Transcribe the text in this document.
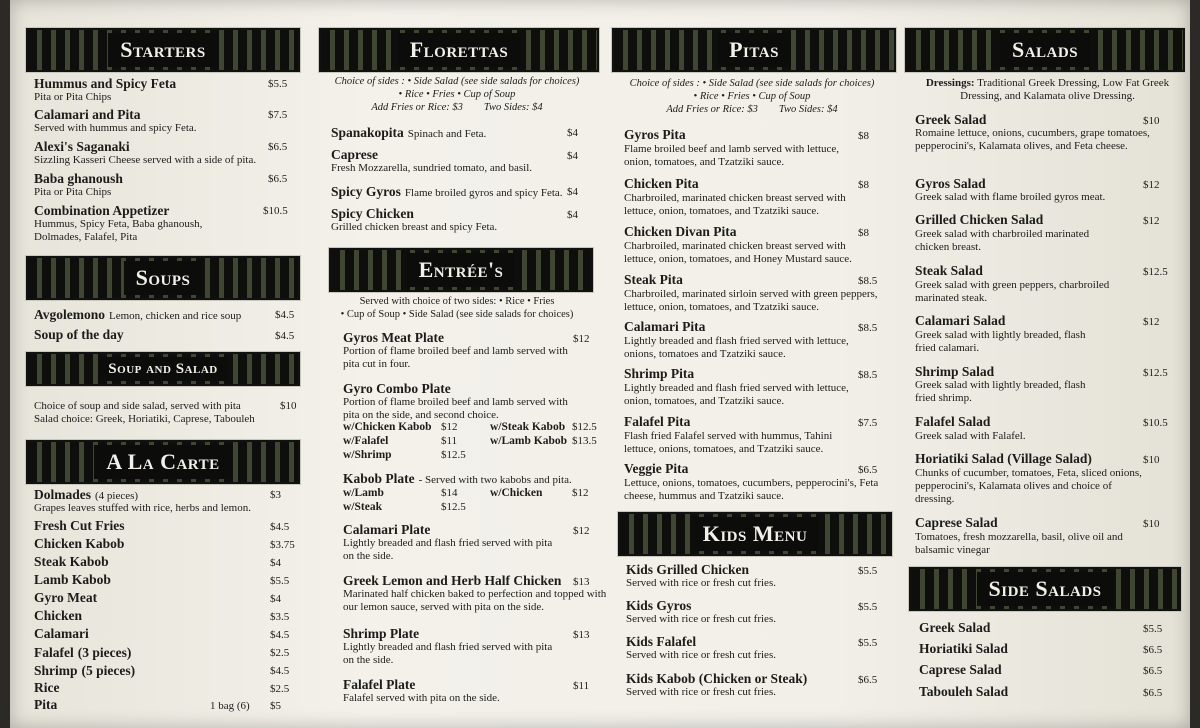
Starters
Hummus and Spicy Feta	$5.5
Pita or Pita Chips
Calamari and Pita	$7.5
Served with hummus and spicy Feta.
Alexi's Saganaki	$6.5
Sizzling Kasseri Cheese served with a side of pita.
Baba ghanoush	$6.5
Pita or Pita Chips
Combination Appetizer	$10.5
Hummus, Spicy Feta, Baba ghanoush, Dolmades, Falafel, Pita
Soups
Avgolemono Lemon, chicken and rice soup	$4.5
Soup of the day	$4.5
Soup and Salad
Choice of soup and side salad, served with pita	$10
Salad choice: Greek, Horiatiki, Caprese, Tabouleh
A La Carte
Dolmades (4 pieces)	$3
Grapes leaves stuffed with rice, herbs and lemon.
Fresh Cut Fries	$4.5
Chicken Kabob	$3.75
Steak Kabob	$4
Lamb Kabob	$5.5
Gyro Meat	$4
Chicken	$3.5
Calamari	$4.5
Falafel (3 pieces)	$2.5
Shrimp (5 pieces)	$4.5
Rice	$2.5
Pita	1 bag (6) $5
Florettas
Choice of sides : • Side Salad (see side salads for choices)
• Rice • Fries • Cup of Soup
Add Fries or Rice: $3        Two Sides: $4
Spanakopita Spinach and Feta.	$4
Caprese	$4
Fresh Mozzarella, sundried tomato, and basil.
Spicy Gyros Flame broiled gyros and spicy Feta. $4
Spicy Chicken	$4
Grilled chicken breast and spicy Feta.
Entrée's
Served with choice of two sides: • Rice • Fries
• Cup of Soup • Side Salad (see side salads for choices)
Gyros Meat Plate	$12
Portion of flame broiled beef and lamb served with pita cut in four.
Gyro Combo Plate
Portion of flame broiled beef and lamb served with pita on the side, and second choice.
w/Chicken Kabob $12	w/Steak Kabob $12.5
w/Falafel	$11	w/Lamb Kabob $13.5
w/Shrimp	$12.5
Kabob Plate - Served with two kabobs and pita.
w/Lamb	$14	w/Chicken	$12
w/Steak	$12.5
Calamari Plate	$12
Lightly breaded and flash fried served with pita on the side.
Greek Lemon and Herb Half Chicken $13
Marinated half chicken baked to perfection and topped with our lemon sauce, served with pita on the side.
Shrimp Plate	$13
Lightly breaded and flash fried served with pita on the side.
Falafel Plate	$11
Falafel served with pita on the side.
Pitas
Choice of sides : • Side Salad (see side salads for choices)
• Rice • Fries • Cup of Soup
Add Fries or Rice: $3        Two Sides: $4
Gyros Pita	$8
Flame broiled beef and lamb served with lettuce, onion, tomatoes, and Tzatziki sauce.
Chicken Pita	$8
Charbroiled, marinated chicken breast served with lettuce, onion, tomatoes, and Tzatziki sauce.
Chicken Divan Pita	$8
Charbroiled, marinated chicken breast served with lettuce, onion, tomatoes, and Honey Mustard sauce.
Steak Pita	$8.5
Charbroiled, marinated sirloin served with green peppers, lettuce, onion, tomatoes, and Tzatziki sauce.
Calamari Pita	$8.5
Lightly breaded and flash fried served with lettuce, onions, tomatoes and Tzatziki sauce.
Shrimp Pita	$8.5
Lightly breaded and flash fried served with lettuce, onion, tomatoes, and Tzatziki sauce.
Falafel Pita	$7.5
Flash fried Falafel served with hummus, Tahini lettuce, onions, tomatoes, and Tzatziki sauce.
Veggie Pita	$6.5
Lettuce, onions, tomatoes, cucumbers, pepperocini's, Feta cheese, hummus and Tzatziki sauce.
Kids Menu
Kids Grilled Chicken	$5.5
Served with rice or fresh cut fries.
Kids Gyros	$5.5
Served with rice or fresh cut fries.
Kids Falafel	$5.5
Served with rice or fresh cut fries.
Kids Kabob (Chicken or Steak)	$6.5
Served with rice or fresh cut fries.
Salads
Dressings: Traditional Greek Dressing, Low Fat Greek Dressing, and Kalamata olive Dressing.
Greek Salad	$10
Romaine lettuce, onions, cucumbers, grape tomatoes, pepperocini's, Kalamata olives, and Feta cheese.
Gyros Salad	$12
Greek salad with flame broiled gyros meat.
Grilled Chicken Salad	$12
Greek salad with charbroiled marinated chicken breast.
Steak Salad	$12.5
Greek salad with green peppers, charbroiled marinated steak.
Calamari Salad	$12
Greek salad with lightly breaded, flash fried calamari.
Shrimp Salad	$12.5
Greek salad with lightly breaded, flash fried shrimp.
Falafel Salad	$10.5
Greek salad with Falafel.
Horiatiki Salad (Village Salad)	$10
Chunks of cucumber, tomatoes, Feta, sliced onions, pepperocini's, Kalamata olives and choice of dressing.
Caprese Salad	$10
Tomatoes, fresh mozzarella, basil, olive oil and balsamic vinegar
Side Salads
Greek Salad	$5.5
Horiatiki Salad	$6.5
Caprese Salad	$6.5
Tabouleh Salad	$6.5
